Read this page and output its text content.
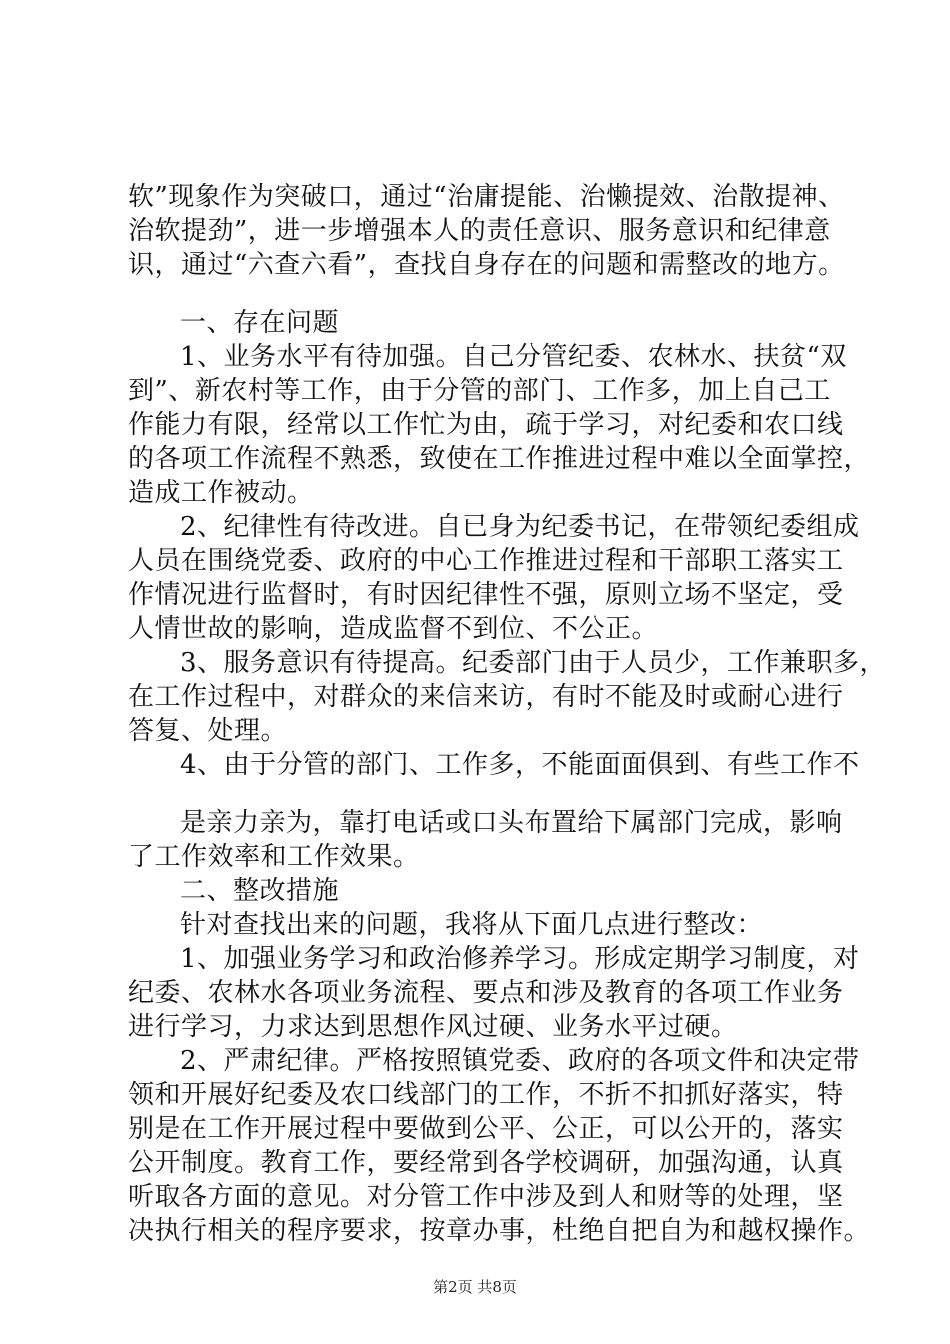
软”现象作为突破口，通过“治庸提能、治懒提效、治散提神、
治软提劲”，进一步增强本人的责任意识、服务意识和纪律意
识，通过“六查六看”，查找自身存在的问题和需整改的地方。
一、存在问题
1、业务水平有待加强。自己分管纪委、农林水、扶贫“双
到”、新农村等工作，由于分管的部门、工作多，加上自己工
作能力有限，经常以工作忙为由，疏于学习，对纪委和农口线
的各项工作流程不熟悉，致使在工作推进过程中难以全面掌控，
造成工作被动。
2、纪律性有待改进。自已身为纪委书记，在带领纪委组成
人员在围绕党委、政府的中心工作推进过程和干部职工落实工
作情况进行监督时，有时因纪律性不强，原则立场不坚定，受
人情世故的影响，造成监督不到位、不公正。
3、服务意识有待提高。纪委部门由于人员少，工作兼职多，
在工作过程中，对群众的来信来访，有时不能及时或耐心进行
答复、处理。
4、由于分管的部门、工作多，不能面面俱到、有些工作不
是亲力亲为，靠打电话或口头布置给下属部门完成，影响
了工作效率和工作效果。
二、整改措施
针对查找出来的问题，我将从下面几点进行整改：
1、加强业务学习和政治修养学习。形成定期学习制度，对
纪委、农林水各项业务流程、要点和涉及教育的各项工作业务
进行学习，力求达到思想作风过硬、业务水平过硬。
2、严肃纪律。严格按照镇党委、政府的各项文件和决定带
领和开展好纪委及农口线部门的工作，不折不扣抓好落实，特
别是在工作开展过程中要做到公平、公正，可以公开的，落实
公开制度。教育工作，要经常到各学校调研，加强沟通，认真
听取各方面的意见。对分管工作中涉及到人和财等的处理，坚
决执行相关的程序要求，按章办事，杜绝自把自为和越权操作。
第2页 共8页
